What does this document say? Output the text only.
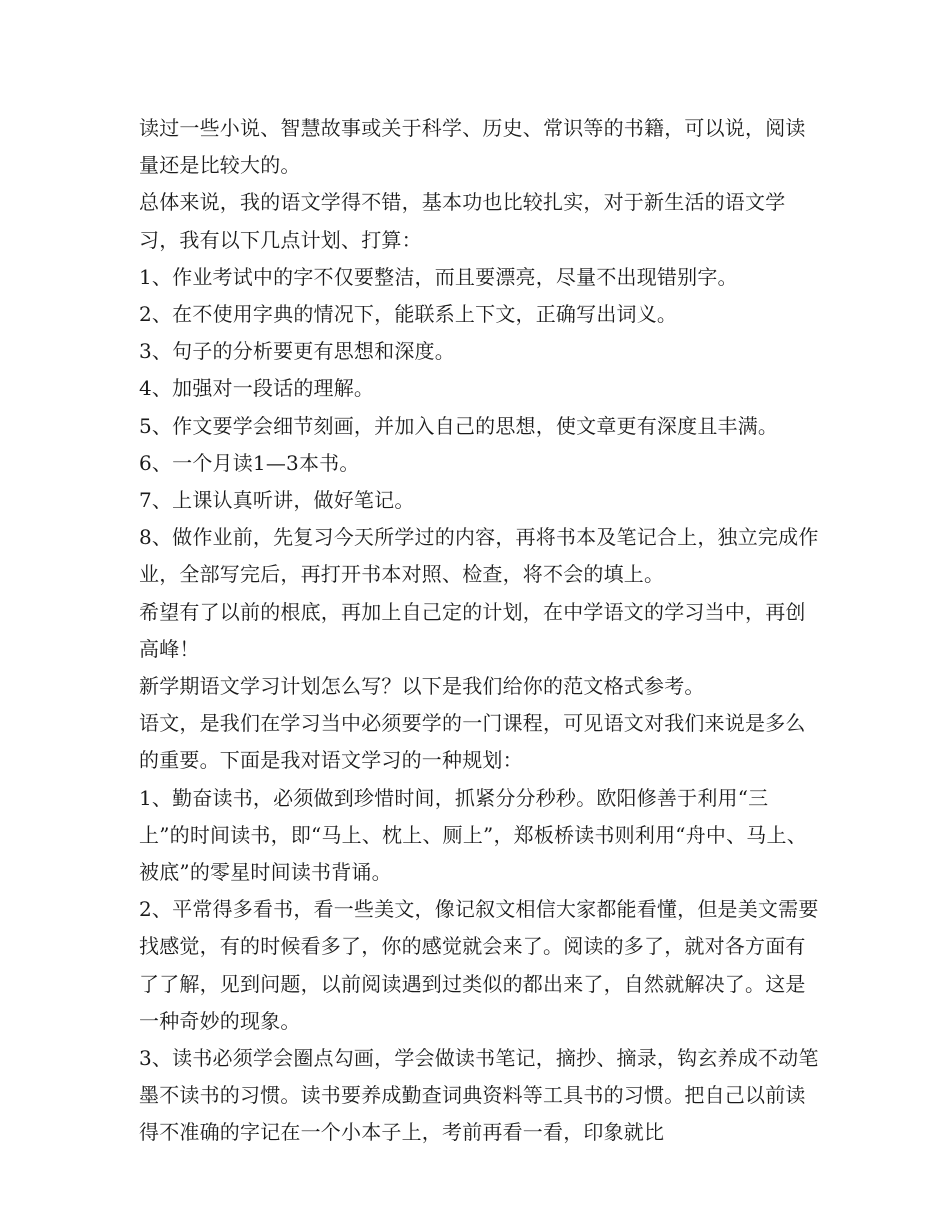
读过一些小说、智慧故事或关于科学、历史、常识等的书籍，可以说，阅读量还是比较大的。

总体来说，我的语文学得不错，基本功也比较扎实，对于新生活的语文学习，我有以下几点计划、打算：

1、作业考试中的字不仅要整洁，而且要漂亮，尽量不出现错别字。

2、在不使用字典的情况下，能联系上下文，正确写出词义。

3、句子的分析要更有思想和深度。

4、加强对一段话的理解。

5、作文要学会细节刻画，并加入自己的思想，使文章更有深度且丰满。

6、一个月读1—3本书。

7、上课认真听讲，做好笔记。

8、做作业前，先复习今天所学过的内容，再将书本及笔记合上，独立完成作业，全部写完后，再打开书本对照、检查，将不会的填上。

希望有了以前的根底，再加上自己定的计划，在中学语文的学习当中，再创高峰！

新学期语文学习计划怎么写？以下是我们给你的范文格式参考。

语文，是我们在学习当中必须要学的一门课程，可见语文对我们来说是多么的重要。下面是我对语文学习的一种规划：

1、勤奋读书，必须做到珍惜时间，抓紧分分秒秒。欧阳修善于利用“三上”的时间读书，即“马上、枕上、厕上”，郑板桥读书则利用“舟中、马上、被底”的零星时间读书背诵。

2、平常得多看书，看一些美文，像记叙文相信大家都能看懂，但是美文需要找感觉，有的时候看多了，你的感觉就会来了。阅读的多了，就对各方面有了了解，见到问题，以前阅读遇到过类似的都出来了，自然就解决了。这是一种奇妙的现象。

3、读书必须学会圈点勾画，学会做读书笔记，摘抄、摘录，钩玄养成不动笔墨不读书的习惯。读书要养成勤查词典资料等工具书的习惯。把自己以前读得不准确的字记在一个小本子上，考前再看一看，印象就比
